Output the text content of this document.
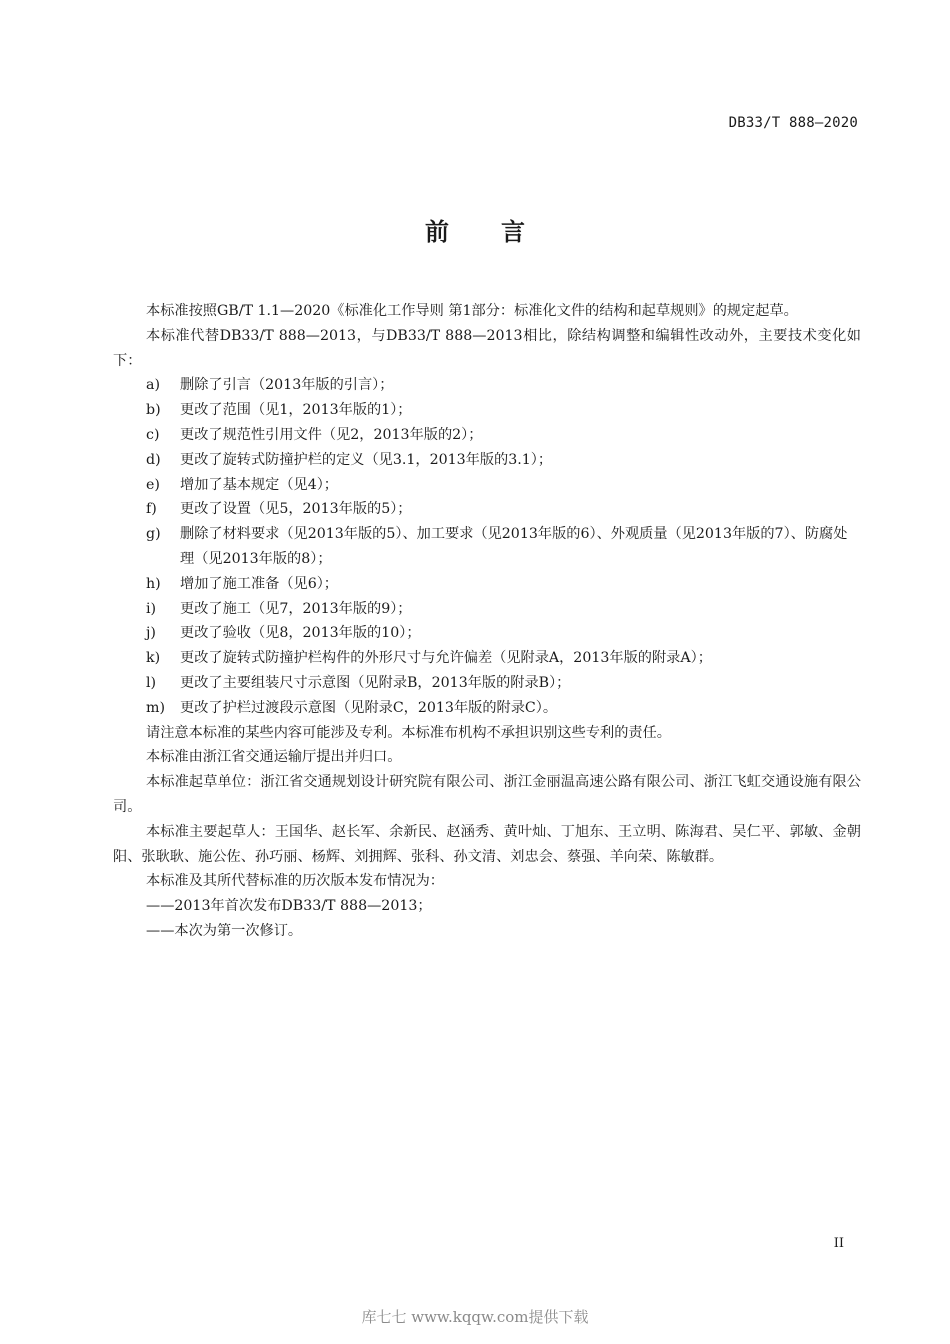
DB33/T 888—2020
前言
本标准按照GB/T 1.1—2020《标准化工作导则 第1部分：标准化文件的结构和起草规则》的规定起草。
本标准代替DB33/T 888—2013，与DB33/T 888—2013相比，除结构调整和编辑性改动外，主要技术变化如下：
a)	删除了引言（2013年版的引言）；
b)	更改了范围（见1，2013年版的1）；
c)	更改了规范性引用文件（见2，2013年版的2）；
d)	更改了旋转式防撞护栏的定义（见3.1，2013年版的3.1）；
e)	增加了基本规定（见4）；
f)	更改了设置（见5，2013年版的5）；
g)	删除了材料要求（见2013年版的5）、加工要求（见2013年版的6）、外观质量（见2013年版的7）、防腐处理（见2013年版的8）；
h)	增加了施工准备（见6）；
i)	更改了施工（见7，2013年版的9）；
j)	更改了验收（见8，2013年版的10）；
k)	更改了旋转式防撞护栏构件的外形尺寸与允许偏差（见附录A，2013年版的附录A）；
l)	更改了主要组装尺寸示意图（见附录B，2013年版的附录B）；
m)	更改了护栏过渡段示意图（见附录C，2013年版的附录C）。
请注意本标准的某些内容可能涉及专利。本标准布机构不承担识别这些专利的责任。
本标准由浙江省交通运输厅提出并归口。
本标准起草单位：浙江省交通规划设计研究院有限公司、浙江金丽温高速公路有限公司、浙江飞虹交通设施有限公司。
本标准主要起草人：王国华、赵长军、余新民、赵涵秀、黄叶灿、丁旭东、王立明、陈海君、吴仁平、郭敏、金朝阳、张耿耿、施公佐、孙巧丽、杨辉、刘拥辉、张科、孙文清、刘忠会、蔡强、羊向荣、陈敏群。
本标准及其所代替标准的历次版本发布情况为：
——2013年首次发布DB33/T 888—2013；
——本次为第一次修订。
II
库七七 www.kqqw.com提供下载
